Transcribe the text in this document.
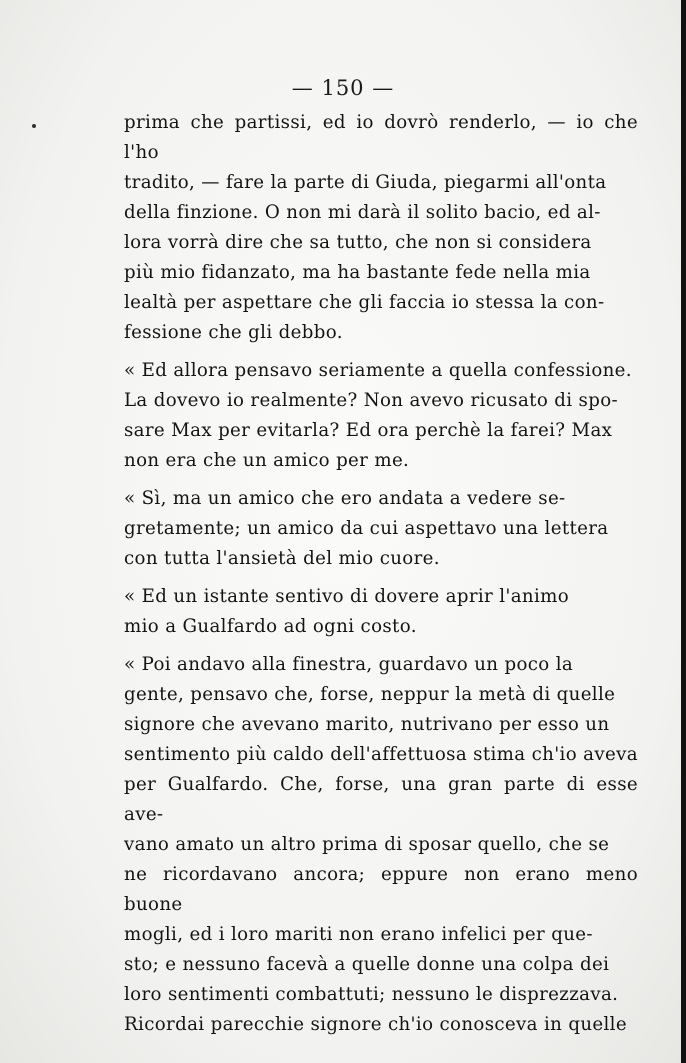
— 150 —

prima che partissi, ed io dovrò renderlo, — io che l'ho
tradito, — fare la parte di Giuda, piegarmi all'onta
della finzione. O non mi darà il solito bacio, ed al-
lora vorrà dire che sa tutto, che non si considera
più mio fidanzato, ma ha bastante fede nella mia
lealtà per aspettare che gli faccia io stessa la con-
fessione che gli debbo.

« Ed allora pensavo seriamente a quella confessione.
La dovevo io realmente? Non avevo ricusato di spo-
sare Max per evitarla? Ed ora perchè la farei? Max
non era che un amico per me.

« Sì, ma un amico che ero andata a vedere se-
gretamente; un amico da cui aspettavo una lettera
con tutta l'ansietà del mio cuore.

« Ed un istante sentivo di dovere aprir l'animo
mio a Gualfardo ad ogni costo.

« Poi andavo alla finestra, guardavo un poco la
gente, pensavo che, forse, neppur la metà di quelle
signore che avevano marito, nutrivano per esso un
sentimento più caldo dell'affettuosa stima ch'io aveva
per Gualfardo. Che, forse, una gran parte di esse ave-
vano amato un altro prima di sposar quello, che se
ne ricordavano ancora; eppure non erano meno buone
mogli, ed i loro mariti non erano infelici per que-
sto; e nessuno facevà a quelle donne una colpa dei
loro sentimenti combattuti; nessuno le disprezzava.
Ricordai parecchie signore ch'io conosceva in quelle
